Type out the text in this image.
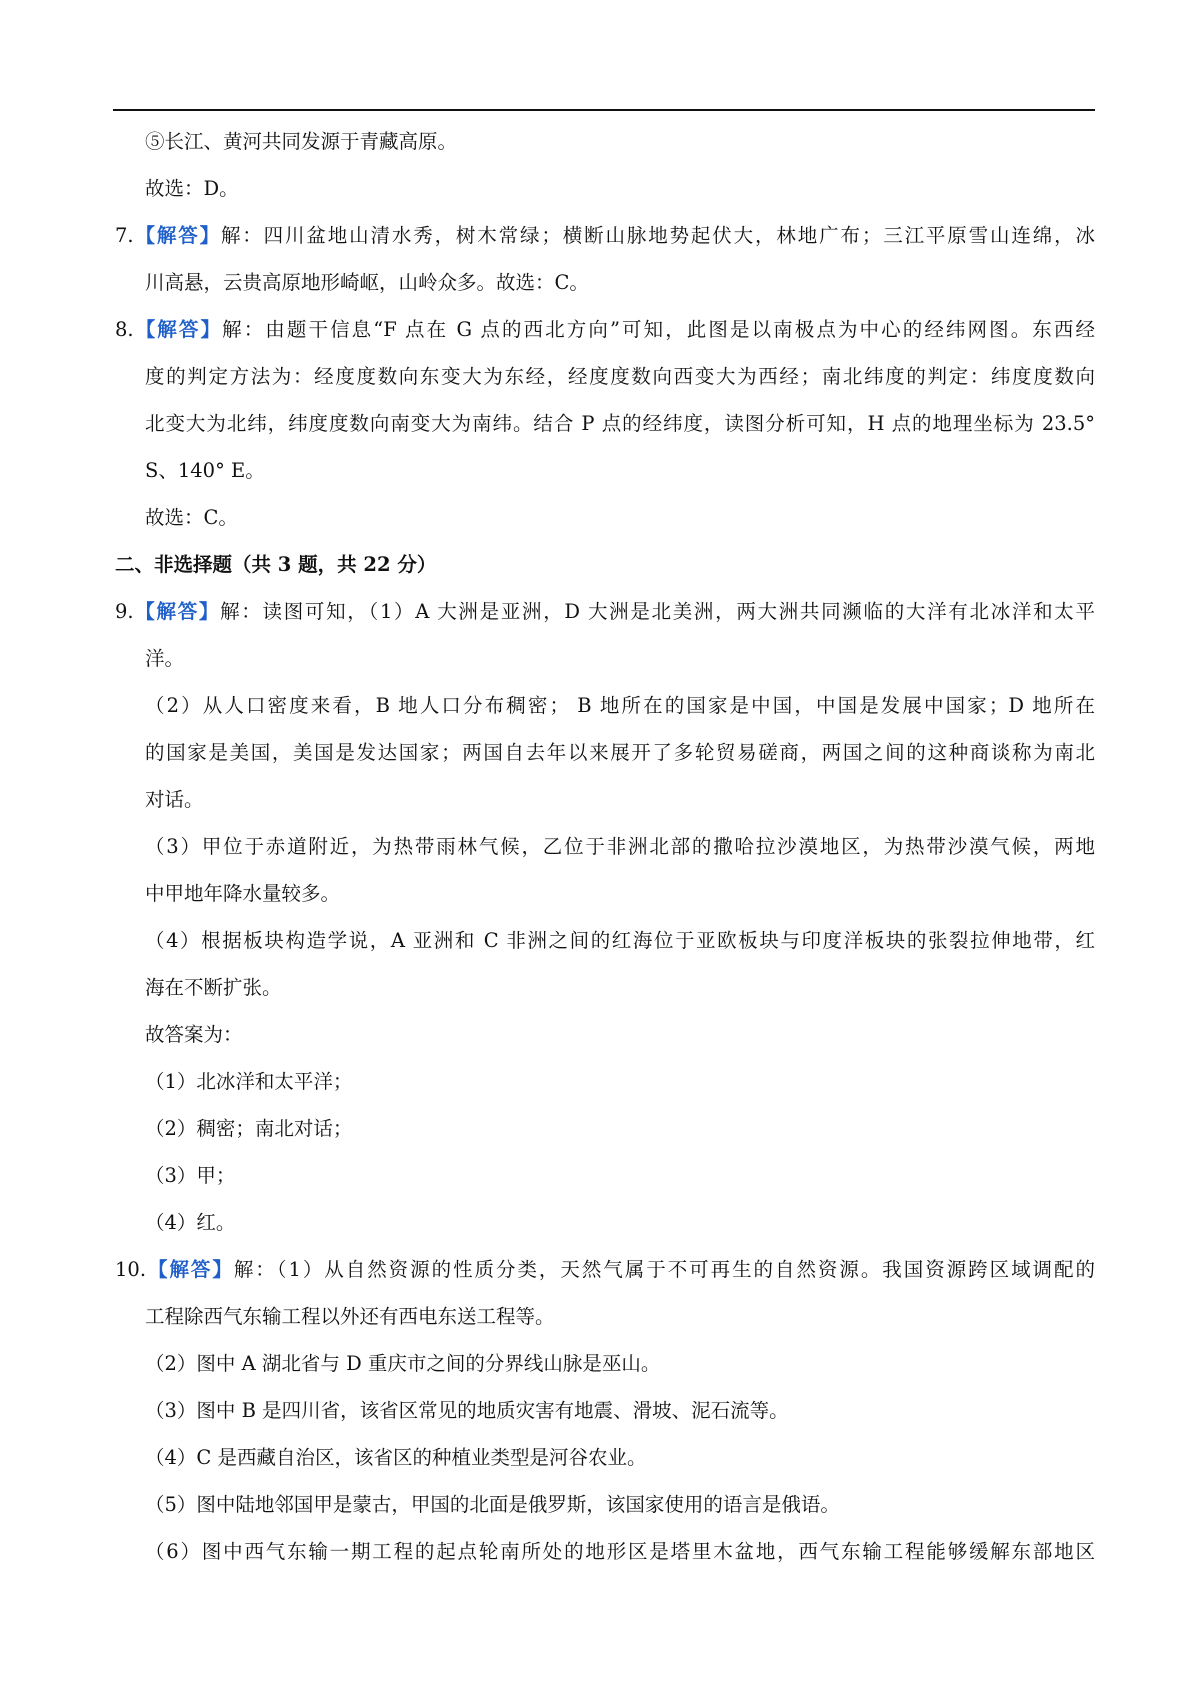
⑤长江、黄河共同发源于青藏高原。
故选：D。
7.【解答】解：四川盆地山清水秀，树木常绿；横断山脉地势起伏大，林地广布；三江平原雪山连绵，冰
川高悬，云贵高原地形崎岖，山岭众多。故选：C。
8.【解答】解：由题干信息“F 点在 G 点的西北方向”可知，此图是以南极点为中心的经纬网图。东西经
度的判定方法为：经度度数向东变大为东经，经度度数向西变大为西经；南北纬度的判定：纬度度数向
北变大为北纬，纬度度数向南变大为南纬。结合 P 点的经纬度，读图分析可知，H 点的地理坐标为 23.5°
S、140° E。
故选：C。
二、非选择题（共 3 题，共 22 分）
9.【解答】解：读图可知，（1）A 大洲是亚洲，D 大洲是北美洲，两大洲共同濒临的大洋有北冰洋和太平
洋。
（2）从人口密度来看，B 地人口分布稠密； B 地所在的国家是中国，中国是发展中国家；D 地所在
的国家是美国，美国是发达国家；两国自去年以来展开了多轮贸易磋商，两国之间的这种商谈称为南北
对话。
（3）甲位于赤道附近，为热带雨林气候，乙位于非洲北部的撒哈拉沙漠地区，为热带沙漠气候，两地
中甲地年降水量较多。
（4）根据板块构造学说，A 亚洲和 C 非洲之间的红海位于亚欧板块与印度洋板块的张裂拉伸地带，红
海在不断扩张。
故答案为：
（1）北冰洋和太平洋；
（2）稠密；南北对话；
（3）甲；
（4）红。
10.【解答】解：（1）从自然资源的性质分类，天然气属于不可再生的自然资源。我国资源跨区域调配的
工程除西气东输工程以外还有西电东送工程等。
（2）图中 A 湖北省与 D 重庆市之间的分界线山脉是巫山。
（3）图中 B 是四川省，该省区常见的地质灾害有地震、滑坡、泥石流等。
（4）C 是西藏自治区，该省区的种植业类型是河谷农业。
（5）图中陆地邻国甲是蒙古，甲国的北面是俄罗斯，该国家使用的语言是俄语。
（6）图中西气东输一期工程的起点轮南所处的地形区是塔里木盆地，西气东输工程能够缓解东部地区
